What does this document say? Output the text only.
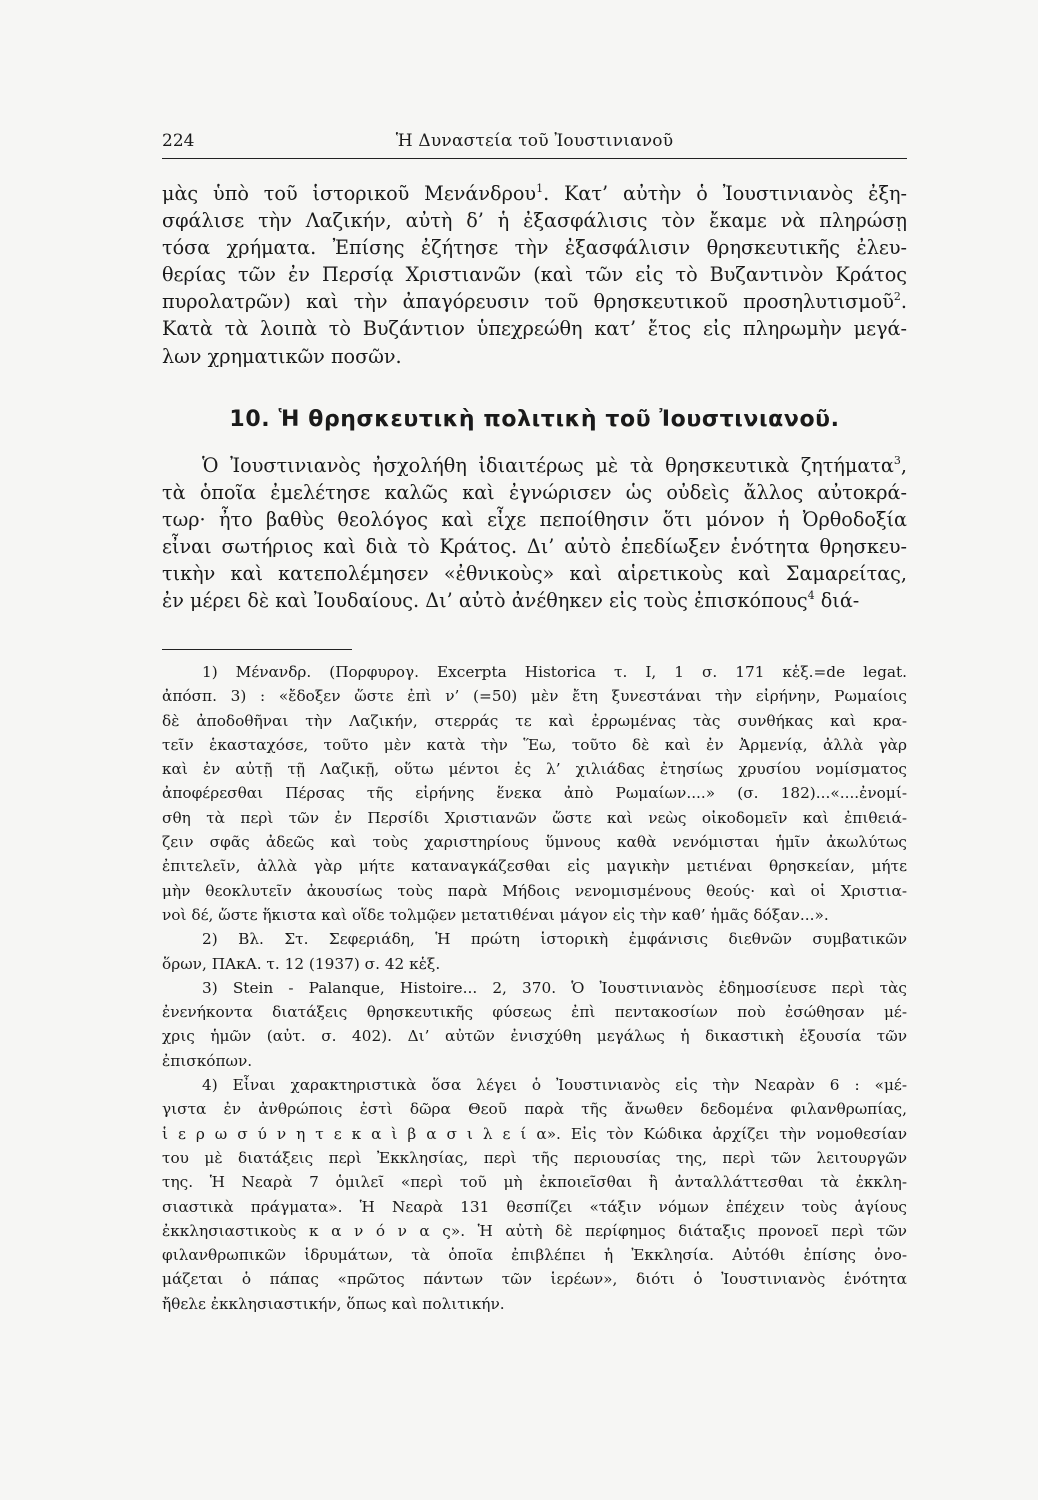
224	Ἡ Δυναστεία τοῦ Ἰουστινιανοῦ
μὰς ὑπὸ τοῦ ἱστορικοῦ Μενάνδρου$^1$. Κατ’ αὐτὴν ὁ Ἰουστινιανὸς ἐξη-
σφάλισε τὴν Λαζικήν, αὐτὴ δ’ ἡ ἐξασφάλισις τὸν ἔκαμε νὰ πληρώσῃ
τόσα χρήματα. Ἐπίσης ἐζήτησε τὴν ἐξασφάλισιν θρησκευτικῆς ἐλευ-
θερίας τῶν ἐν Περσίᾳ Χριστιανῶν (καὶ τῶν εἰς τὸ Βυζαντινὸν Κράτος
πυρολατρῶν) καὶ τὴν ἀπαγόρευσιν τοῦ θρησκευτικοῦ προσηλυτισμοῦ$^2$.
Κατὰ τὰ λοιπὰ τὸ Βυζάντιον ὑπεχρεώθη κατ’ ἔτος εἰς πληρωμὴν μεγά-
λων χρηματικῶν ποσῶν.
10. Ἡ θρησκευτικὴ πολιτικὴ τοῦ Ἰουστινιανοῦ.
Ὁ Ἰουστινιανὸς ἠσχολήθη ἰδιαιτέρως μὲ τὰ θρησκευτικὰ ζητήματα$^3$,
τὰ ὁποῖα ἐμελέτησε καλῶς καὶ ἐγνώρισεν ὡς οὐδεὶς ἄλλος αὐτοκρά-
τωρ· ἦτο βαθὺς θεολόγος καὶ εἶχε πεποίθησιν ὅτι μόνον ἡ Ὀρθοδοξία
εἶναι σωτήριος καὶ διὰ τὸ Κράτος. Δι’ αὐτὸ ἐπεδίωξεν ἑνότητα θρησκευ-
τικὴν καὶ κατεπολέμησεν «ἐθνικοὺς» καὶ αἱρετικοὺς καὶ Σαμαρείτας,
ἐν μέρει δὲ καὶ Ἰουδαίους. Δι’ αὐτὸ ἀνέθηκεν εἰς τοὺς ἐπισκόπους$^4$ διά-
1) Μένανδρ. (Πορφυρογ. Excerpta Historica τ. I, 1 σ. 171 κἑξ.=de legat.
ἀπόσπ. 3) : «ἔδοξεν ὥστε ἐπὶ ν’ (=50) μὲν ἔτη ξυνεστάναι τὴν εἰρήνην, Ρωμαίοις
δὲ ἀποδοθῆναι τὴν Λαζικήν, στερράς τε καὶ ἐρρωμένας τὰς συνθήκας καὶ κρα-
τεῖν ἑκασταχόσε, τοῦτο μὲν κατὰ τὴν Ἕω, τοῦτο δὲ καὶ ἐν Ἀρμενίᾳ, ἀλλὰ γὰρ
καὶ ἐν αὐτῇ τῇ Λαζικῇ, οὕτω μέντοι ἐς λ’ χιλιάδας ἐτησίως χρυσίου νομίσματος
ἀποφέρεσθαι Πέρσας τῆς εἰρήνης ἕνεκα ἀπὸ Ρωμαίων....» (σ. 182)...«....ἐνομί-
σθη τὰ περὶ τῶν ἐν Περσίδι Χριστιανῶν ὥστε καὶ νεὼς οἰκοδομεῖν καὶ ἐπιθειά-
ζειν σφᾶς ἀδεῶς καὶ τοὺς χαριστηρίους ὕμνους καθὰ νενόμισται ἡμῖν ἀκωλύτως
ἐπιτελεῖν, ἀλλὰ γὰρ μήτε καταναγκάζεσθαι εἰς μαγικὴν μετιέναι θρησκείαν, μήτε
μὴν θεοκλυτεῖν ἀκουσίως τοὺς παρὰ Μήδοις νενομισμένους θεούς· καὶ οἱ Χριστια-
νοὶ δέ, ὥστε ἥκιστα καὶ οἵδε τολμῷεν μετατιθέναι μάγον εἰς τὴν καθ’ ἡμᾶς δόξαν...».
2) Βλ. Στ. Σεφεριάδη, Ἡ πρώτη ἱστορικὴ ἐμφάνισις διεθνῶν συμβατικῶν
ὅρων, ΠΑκΑ. τ. 12 (1937) σ. 42 κἑξ.
3) Stein - Palanque, Histoire... 2, 370. Ὁ Ἰουστινιανὸς ἐδημοσίευσε περὶ τὰς
ἐνενήκοντα διατάξεις θρησκευτικῆς φύσεως ἐπὶ πεντακοσίων ποὺ ἐσώθησαν μέ-
χρις ἡμῶν (αὐτ. σ. 402). Δι’ αὐτῶν ἐνισχύθη μεγάλως ἡ δικαστικὴ ἐξουσία τῶν
ἐπισκόπων.
4) Εἶναι χαρακτηριστικὰ ὅσα λέγει ὁ Ἰουστινιανὸς εἰς τὴν Νεαρὰν 6 : «μέ-
γιστα ἐν ἀνθρώποις ἐστὶ δῶρα Θεοῦ παρὰ τῆς ἄνωθεν δεδομένα φιλανθρωπίας,
ἱ ε ρ ω σ ύ ν η τ ε κ α ὶ β α σ ι λ ε ί α». Εἰς τὸν Κώδικα ἀρχίζει τὴν νομοθεσίαν
του μὲ διατάξεις περὶ Ἐκκλησίας, περὶ τῆς περιουσίας της, περὶ τῶν λειτουργῶν
της. Ἡ Νεαρὰ 7 ὁμιλεῖ «περὶ τοῦ μὴ ἐκποιεῖσθαι ἢ ἀνταλλάττεσθαι τὰ ἐκκλη-
σιαστικὰ πράγματα». Ἡ Νεαρὰ 131 θεσπίζει «τάξιν νόμων ἐπέχειν τοὺς ἁγίους
ἐκκλησιαστικοὺς κ α ν ό ν α ς». Ἡ αὐτὴ δὲ περίφημος διάταξις προνοεῖ περὶ τῶν
φιλανθρωπικῶν ἱδρυμάτων, τὰ ὁποῖα ἐπιβλέπει ἡ Ἐκκλησία. Αὐτόθι ἐπίσης ὀνο-
μάζεται ὁ πάπας «πρῶτος πάντων τῶν ἱερέων», διότι ὁ Ἰουστινιανὸς ἑνότητα
ἤθελε ἐκκλησιαστικήν, ὅπως καὶ πολιτικήν.
